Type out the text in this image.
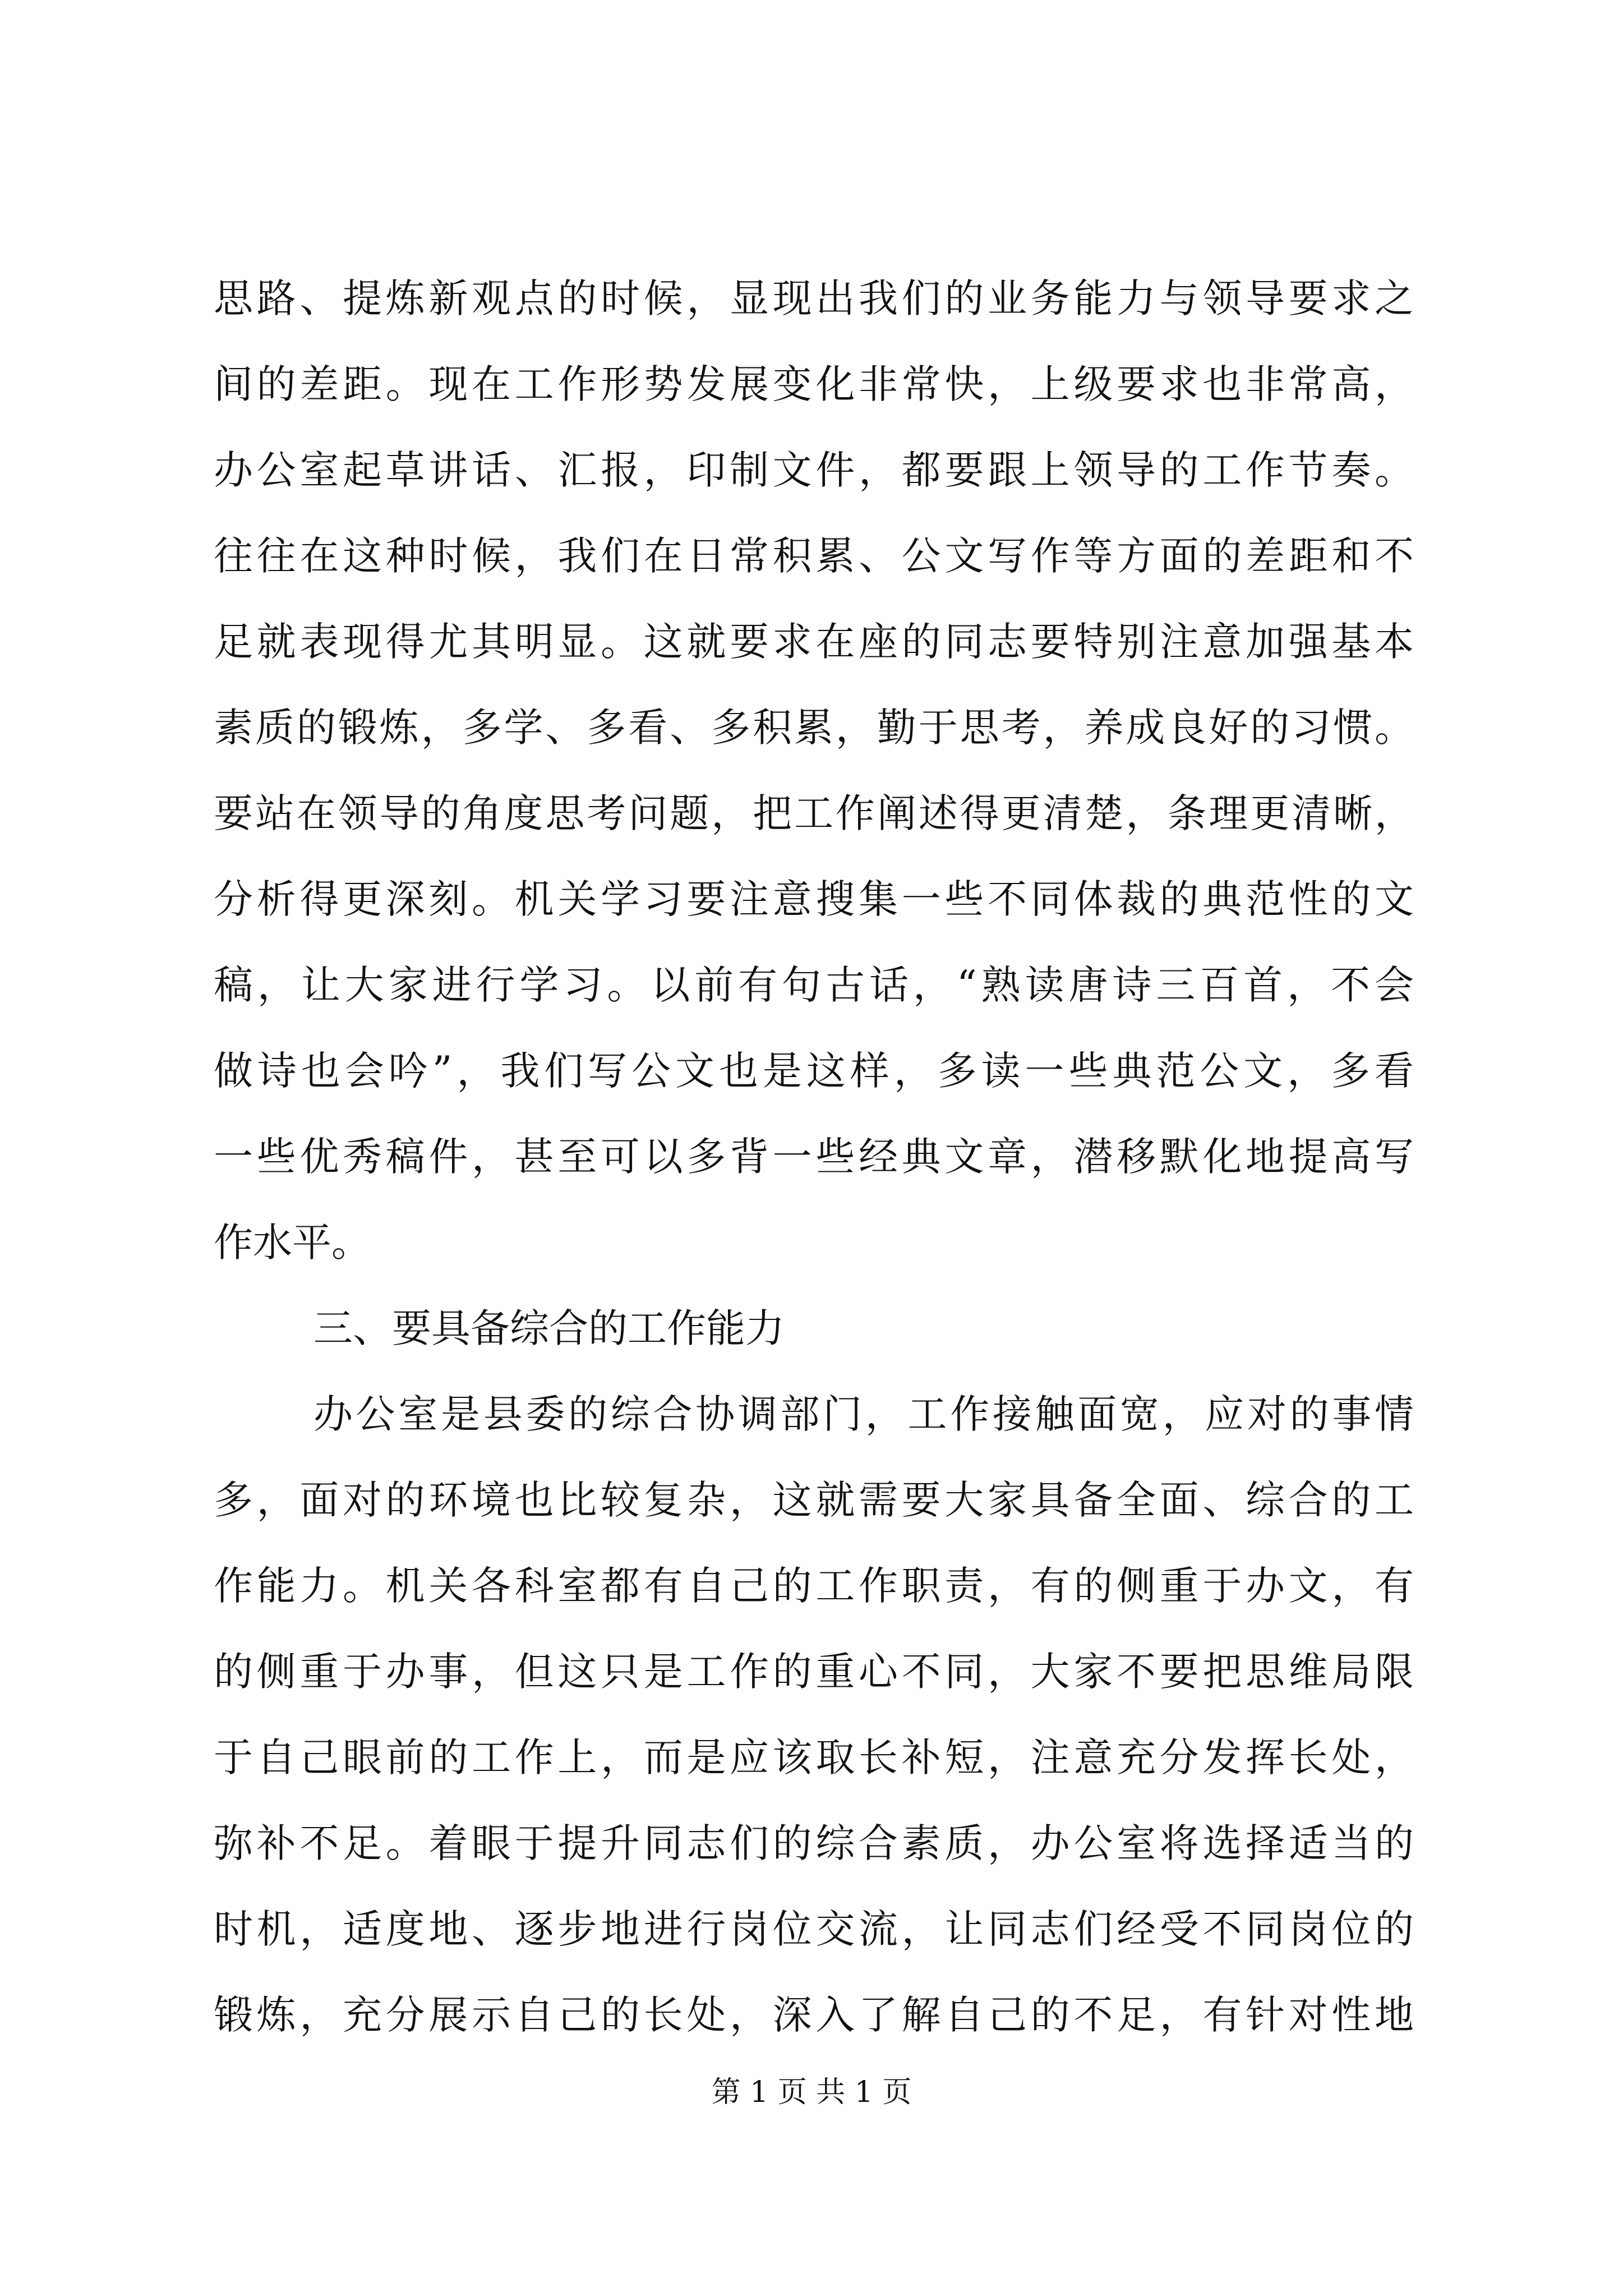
思路、提炼新观点的时候，显现出我们的业务能力与领导要求之
间的差距。现在工作形势发展变化非常快，上级要求也非常高，
办公室起草讲话、汇报，印制文件，都要跟上领导的工作节奏。
往往在这种时候，我们在日常积累、公文写作等方面的差距和不
足就表现得尤其明显。这就要求在座的同志要特别注意加强基本
素质的锻炼，多学、多看、多积累，勤于思考，养成良好的习惯。
要站在领导的角度思考问题，把工作阐述得更清楚，条理更清晰，
分析得更深刻。机关学习要注意搜集一些不同体裁的典范性的文
稿，让大家进行学习。以前有句古话，“熟读唐诗三百首，不会
做诗也会吟”，我们写公文也是这样，多读一些典范公文，多看
一些优秀稿件，甚至可以多背一些经典文章，潜移默化地提高写
作水平。
三、要具备综合的工作能力
办公室是县委的综合协调部门，工作接触面宽，应对的事情
多，面对的环境也比较复杂，这就需要大家具备全面、综合的工
作能力。机关各科室都有自己的工作职责，有的侧重于办文，有
的侧重于办事，但这只是工作的重心不同，大家不要把思维局限
于自己眼前的工作上，而是应该取长补短，注意充分发挥长处，
弥补不足。着眼于提升同志们的综合素质，办公室将选择适当的
时机，适度地、逐步地进行岗位交流，让同志们经受不同岗位的
锻炼，充分展示自己的长处，深入了解自己的不足，有针对性地
第 1 页 共 1 页
